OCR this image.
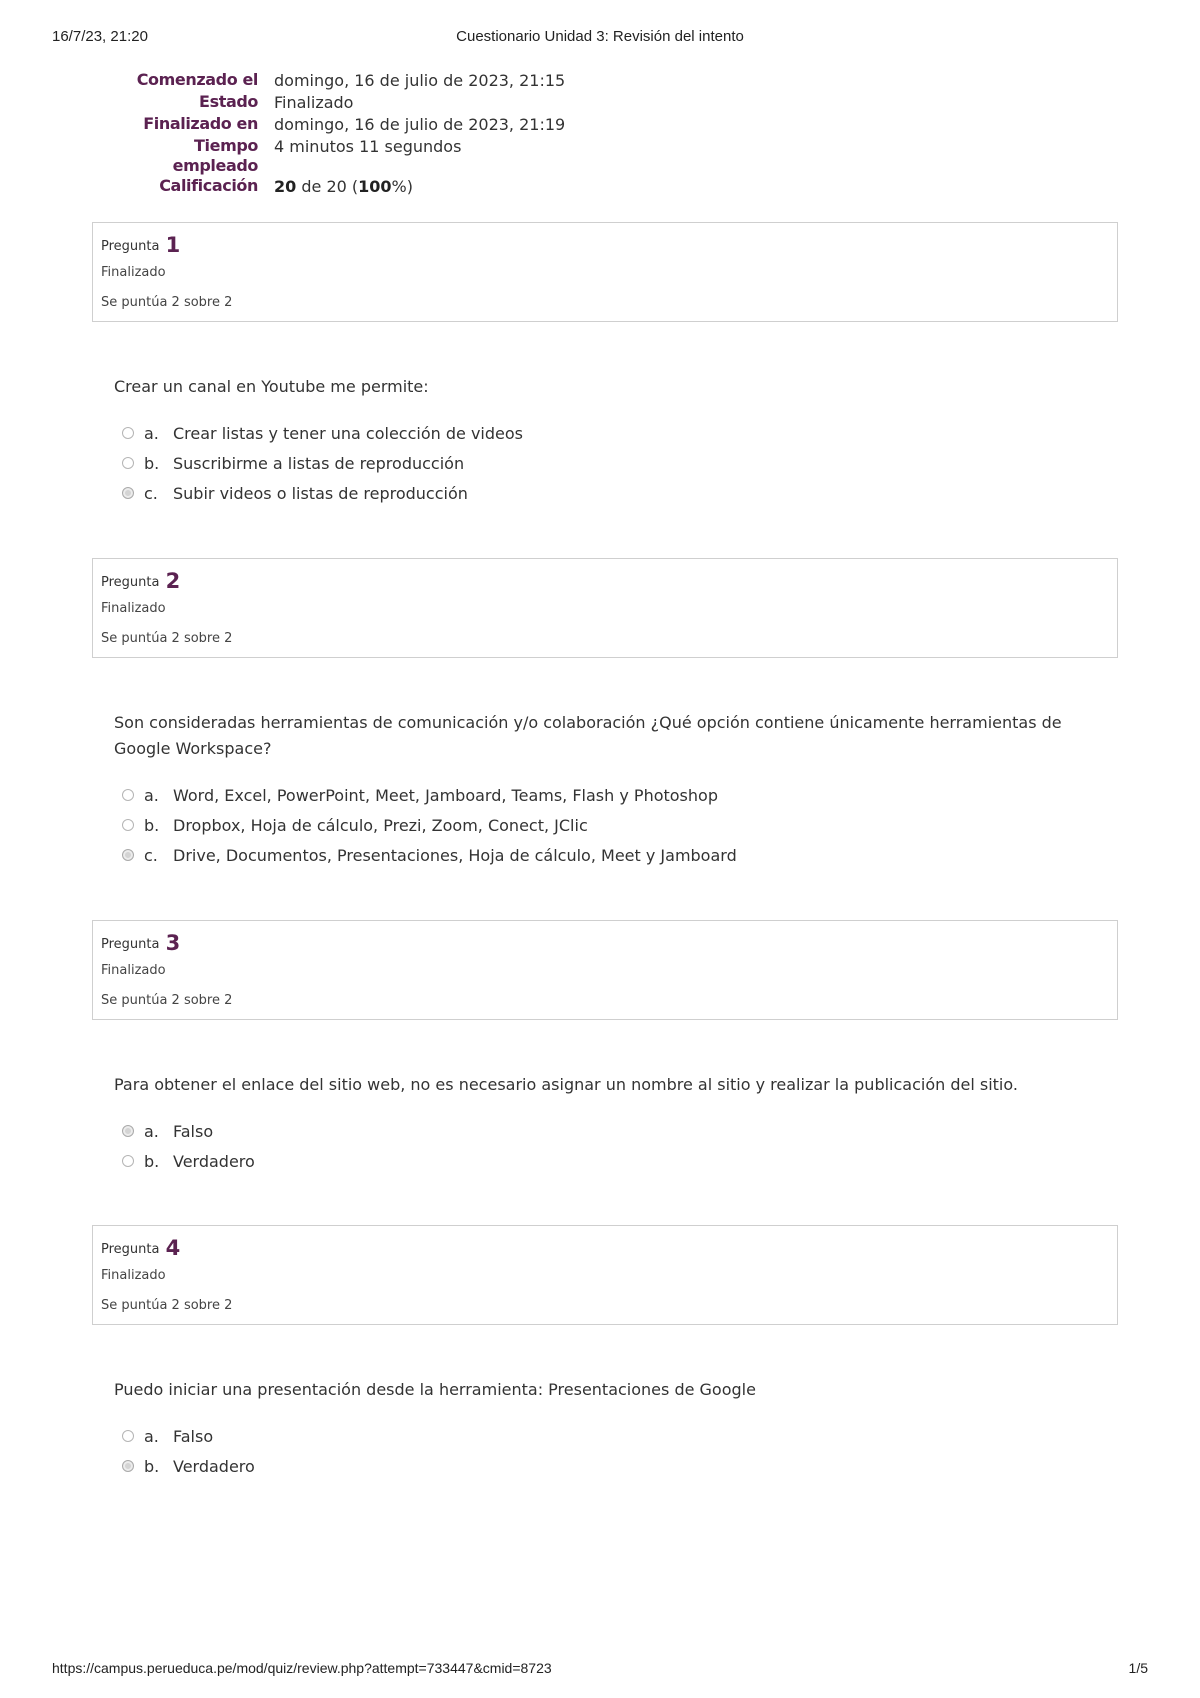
16/7/23, 21:20	Cuestionario Unidad 3: Revisión del intento
Comenzado el	domingo, 16 de julio de 2023, 21:15
Estado	Finalizado
Finalizado en	domingo, 16 de julio de 2023, 21:19
Tiempo
empleado	4 minutos 11 segundos
Calificación	20 de 20 (100%)
Pregunta 1
Finalizado
Se puntúa 2 sobre 2
Crear un canal en Youtube me permite:
a. Crear listas y tener una colección de videos
b. Suscribirme a listas de reproducción
c. Subir videos o listas de reproducción
Pregunta 2
Finalizado
Se puntúa 2 sobre 2
Son consideradas herramientas de comunicación y/o colaboración ¿Qué opción contiene únicamente herramientas de Google Workspace?
a. Word, Excel, PowerPoint, Meet, Jamboard, Teams, Flash y Photoshop
b. Dropbox, Hoja de cálculo, Prezi, Zoom, Conect, JClic
c. Drive, Documentos, Presentaciones, Hoja de cálculo, Meet y Jamboard
Pregunta 3
Finalizado
Se puntúa 2 sobre 2
Para obtener el enlace del sitio web, no es necesario asignar un nombre al sitio y realizar la publicación del sitio.
a. Falso
b. Verdadero
Pregunta 4
Finalizado
Se puntúa 2 sobre 2
Puedo iniciar una presentación desde la herramienta: Presentaciones de Google
a. Falso
b. Verdadero
https://campus.perueduca.pe/mod/quiz/review.php?attempt=733447&cmid=8723	1/5
